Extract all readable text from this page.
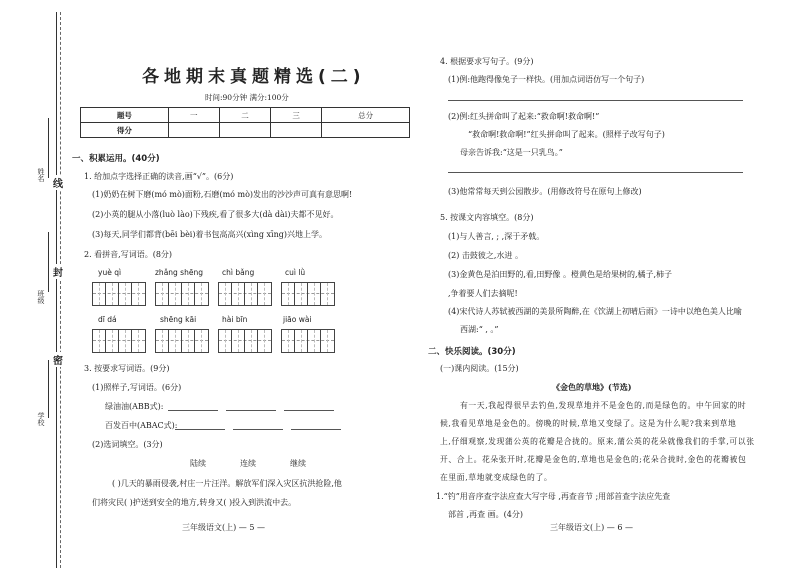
姓名
班级
学校
线
封
密
各地期末真题精选(二)
时间:90分钟 满分:100分
题号	一	二	三	总分
得分				
一、积累运用。(40分)
1. 给加点字选择正确的读音,画“√”。(6分)
(1)奶奶在树下磨(mó mò)面粉,石磨(mó mò)发出的沙沙声可真有意思啊!
(2)小英的腿从小落(luò lào)下残疾,看了很多大(dà dài)夫都不见好。
(3)每天,同学们都背(bēi bèi)着书包高高兴(xìng xīng)兴地上学。
2. 看拼音,写词语。(8分)
yuè qì	zhǎng shēng	chì bǎng	cuì lǜ
dī dá	shēng kāi	hài bīn	jiāo wài
3. 按要求写词语。(9分)
(1)照样子,写词语。(6分)
绿油油(ABB式):
百发百中(ABAC式):
(2)选词填空。(3分)
陆续	连续	继续
( )几天的暴雨侵袭,村庄一片汪洋。解放军们深入灾区抗洪抢险,他
们将灾民( )护送到安全的地方,转身又( )投入到洪流中去。
三年级语文(上) — 5 —
4. 根据要求写句子。(9分)
(1)例:他跑得像兔子一样快。(用加点词语仿写一个句子)
(2)例:红头拼命叫了起来:“救命啊!救命啊!”
“救命啊!救命啊!”红头拼命叫了起来。(照样子改写句子)
母亲告诉我:“这是一只乳鸟。”
(3)他常常每天到公园散步。(用修改符号在原句上修改)
5. 按课文内容填空。(8分)
(1)与人善言, ; ,深于矛戟。
(2) 击鼓彼之,水进 。
(3)金黄色是泊田野的,看,田野像 。橙黄色是给果树的,橘子,柿子
,争着要人们去摘呢!
(4)宋代诗人苏轼被西湖的美景所陶醉,在《饮湖上初晴后雨》一诗中以绝色美人比喻
西湖:“ , 。”
二、快乐阅读。(30分)
(一)课内阅读。(15分)
《金色的草地》(节选)
有一天,我起得很早去钓鱼,发现草地并不是金色的,而是绿色的。中午回家的时
候,我看见草地是金色的。傍晚的时候,草地又变绿了。这是为什么呢?我来到草地
上,仔细观察,发现蒲公英的花瓣是合拢的。原来,蒲公英的花朵就像我们的手掌,可以张
开、合上。花朵张开时,花瓣是金色的,草地也是金色的;花朵合拢时,金色的花瓣被包
在里面,草地就变成绿色的了。
1.“钓”用音序查字法应查大写字母 ,再查音节 ;用部首查字法应先查
部首 ,再查 画。(4分)
三年级语文(上) — 6 —
